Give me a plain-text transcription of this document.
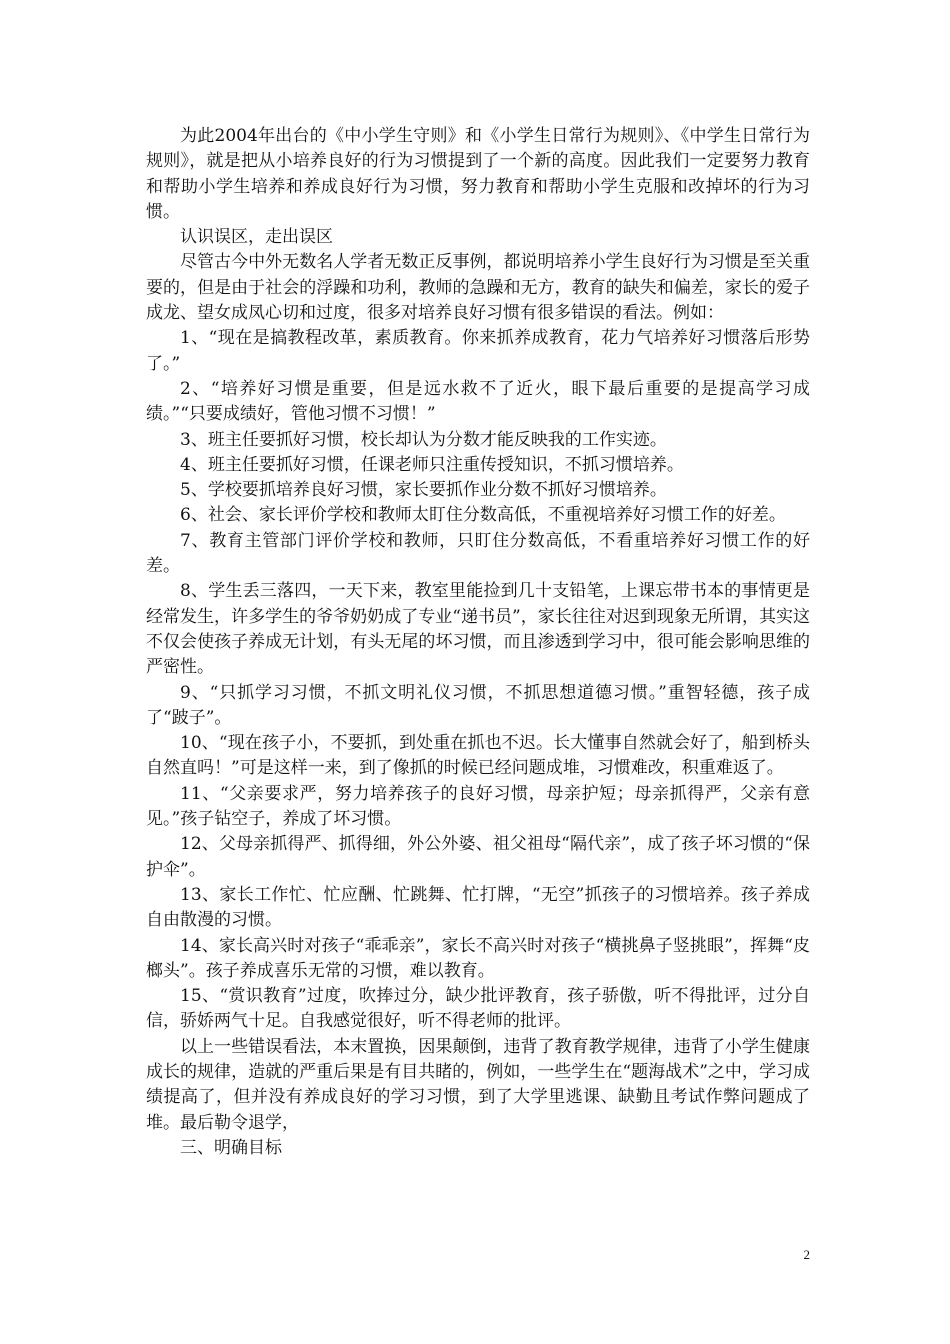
为此2004年出台的《中小学生守则》和《小学生日常行为规则》、《中学生日常行为规则》，就是把从小培养良好的行为习惯提到了一个新的高度。因此我们一定要努力教育和帮助小学生培养和养成良好行为习惯，努力教育和帮助小学生克服和改掉坏的行为习惯。

认识误区，走出误区

尽管古今中外无数名人学者无数正反事例，都说明培养小学生良好行为习惯是至关重要的，但是由于社会的浮躁和功利，教师的急躁和无方，教育的缺失和偏差，家长的爱子成龙、望女成凤心切和过度，很多对培养良好习惯有很多错误的看法。例如：

1、“现在是搞教程改革，素质教育。你来抓养成教育，花力气培养好习惯落后形势了。”

2、“培养好习惯是重要，但是远水救不了近火，眼下最后重要的是提高学习成绩。”“只要成绩好，管他习惯不习惯！”

3、班主任要抓好习惯，校长却认为分数才能反映我的工作实迹。

4、班主任要抓好习惯，任课老师只注重传授知识，不抓习惯培养。

5、学校要抓培养良好习惯，家长要抓作业分数不抓好习惯培养。

6、社会、家长评价学校和教师太盯住分数高低，不重视培养好习惯工作的好差。

7、教育主管部门评价学校和教师，只盯住分数高低，不看重培养好习惯工作的好差。

8、学生丢三落四，一天下来，教室里能捡到几十支铅笔，上课忘带书本的事情更是经常发生，许多学生的爷爷奶奶成了专业“递书员”，家长往往对迟到现象无所谓，其实这不仅会使孩子养成无计划，有头无尾的坏习惯，而且渗透到学习中，很可能会影响思维的严密性。

9、“只抓学习习惯，不抓文明礼仪习惯，不抓思想道德习惯。”重智轻德，孩子成了“跛子”。

10、“现在孩子小，不要抓，到处重在抓也不迟。长大懂事自然就会好了，船到桥头自然直吗！”可是这样一来，到了像抓的时候已经问题成堆，习惯难改，积重难返了。

11、“父亲要求严，努力培养孩子的良好习惯，母亲护短；母亲抓得严，父亲有意见。”孩子钻空子，养成了坏习惯。

12、父母亲抓得严、抓得细，外公外婆、祖父祖母“隔代亲”，成了孩子坏习惯的“保护伞”。

13、家长工作忙、忙应酬、忙跳舞、忙打牌，“无空”抓孩子的习惯培养。孩子养成自由散漫的习惯。

14、家长高兴时对孩子“乖乖亲”，家长不高兴时对孩子“横挑鼻子竖挑眼”，挥舞“皮榔头”。孩子养成喜乐无常的习惯，难以教育。

15、“赏识教育”过度，吹捧过分，缺少批评教育，孩子骄傲，听不得批评，过分自信，骄娇两气十足。自我感觉很好，听不得老师的批评。

以上一些错误看法，本末置换，因果颠倒，违背了教育教学规律，违背了小学生健康成长的规律，造就的严重后果是有目共睹的，例如，一些学生在“题海战术”之中，学习成绩提高了，但并没有养成良好的学习习惯，到了大学里逃课、缺勤且考试作弊问题成了堆。最后勒令退学，

三、明确目标

2
